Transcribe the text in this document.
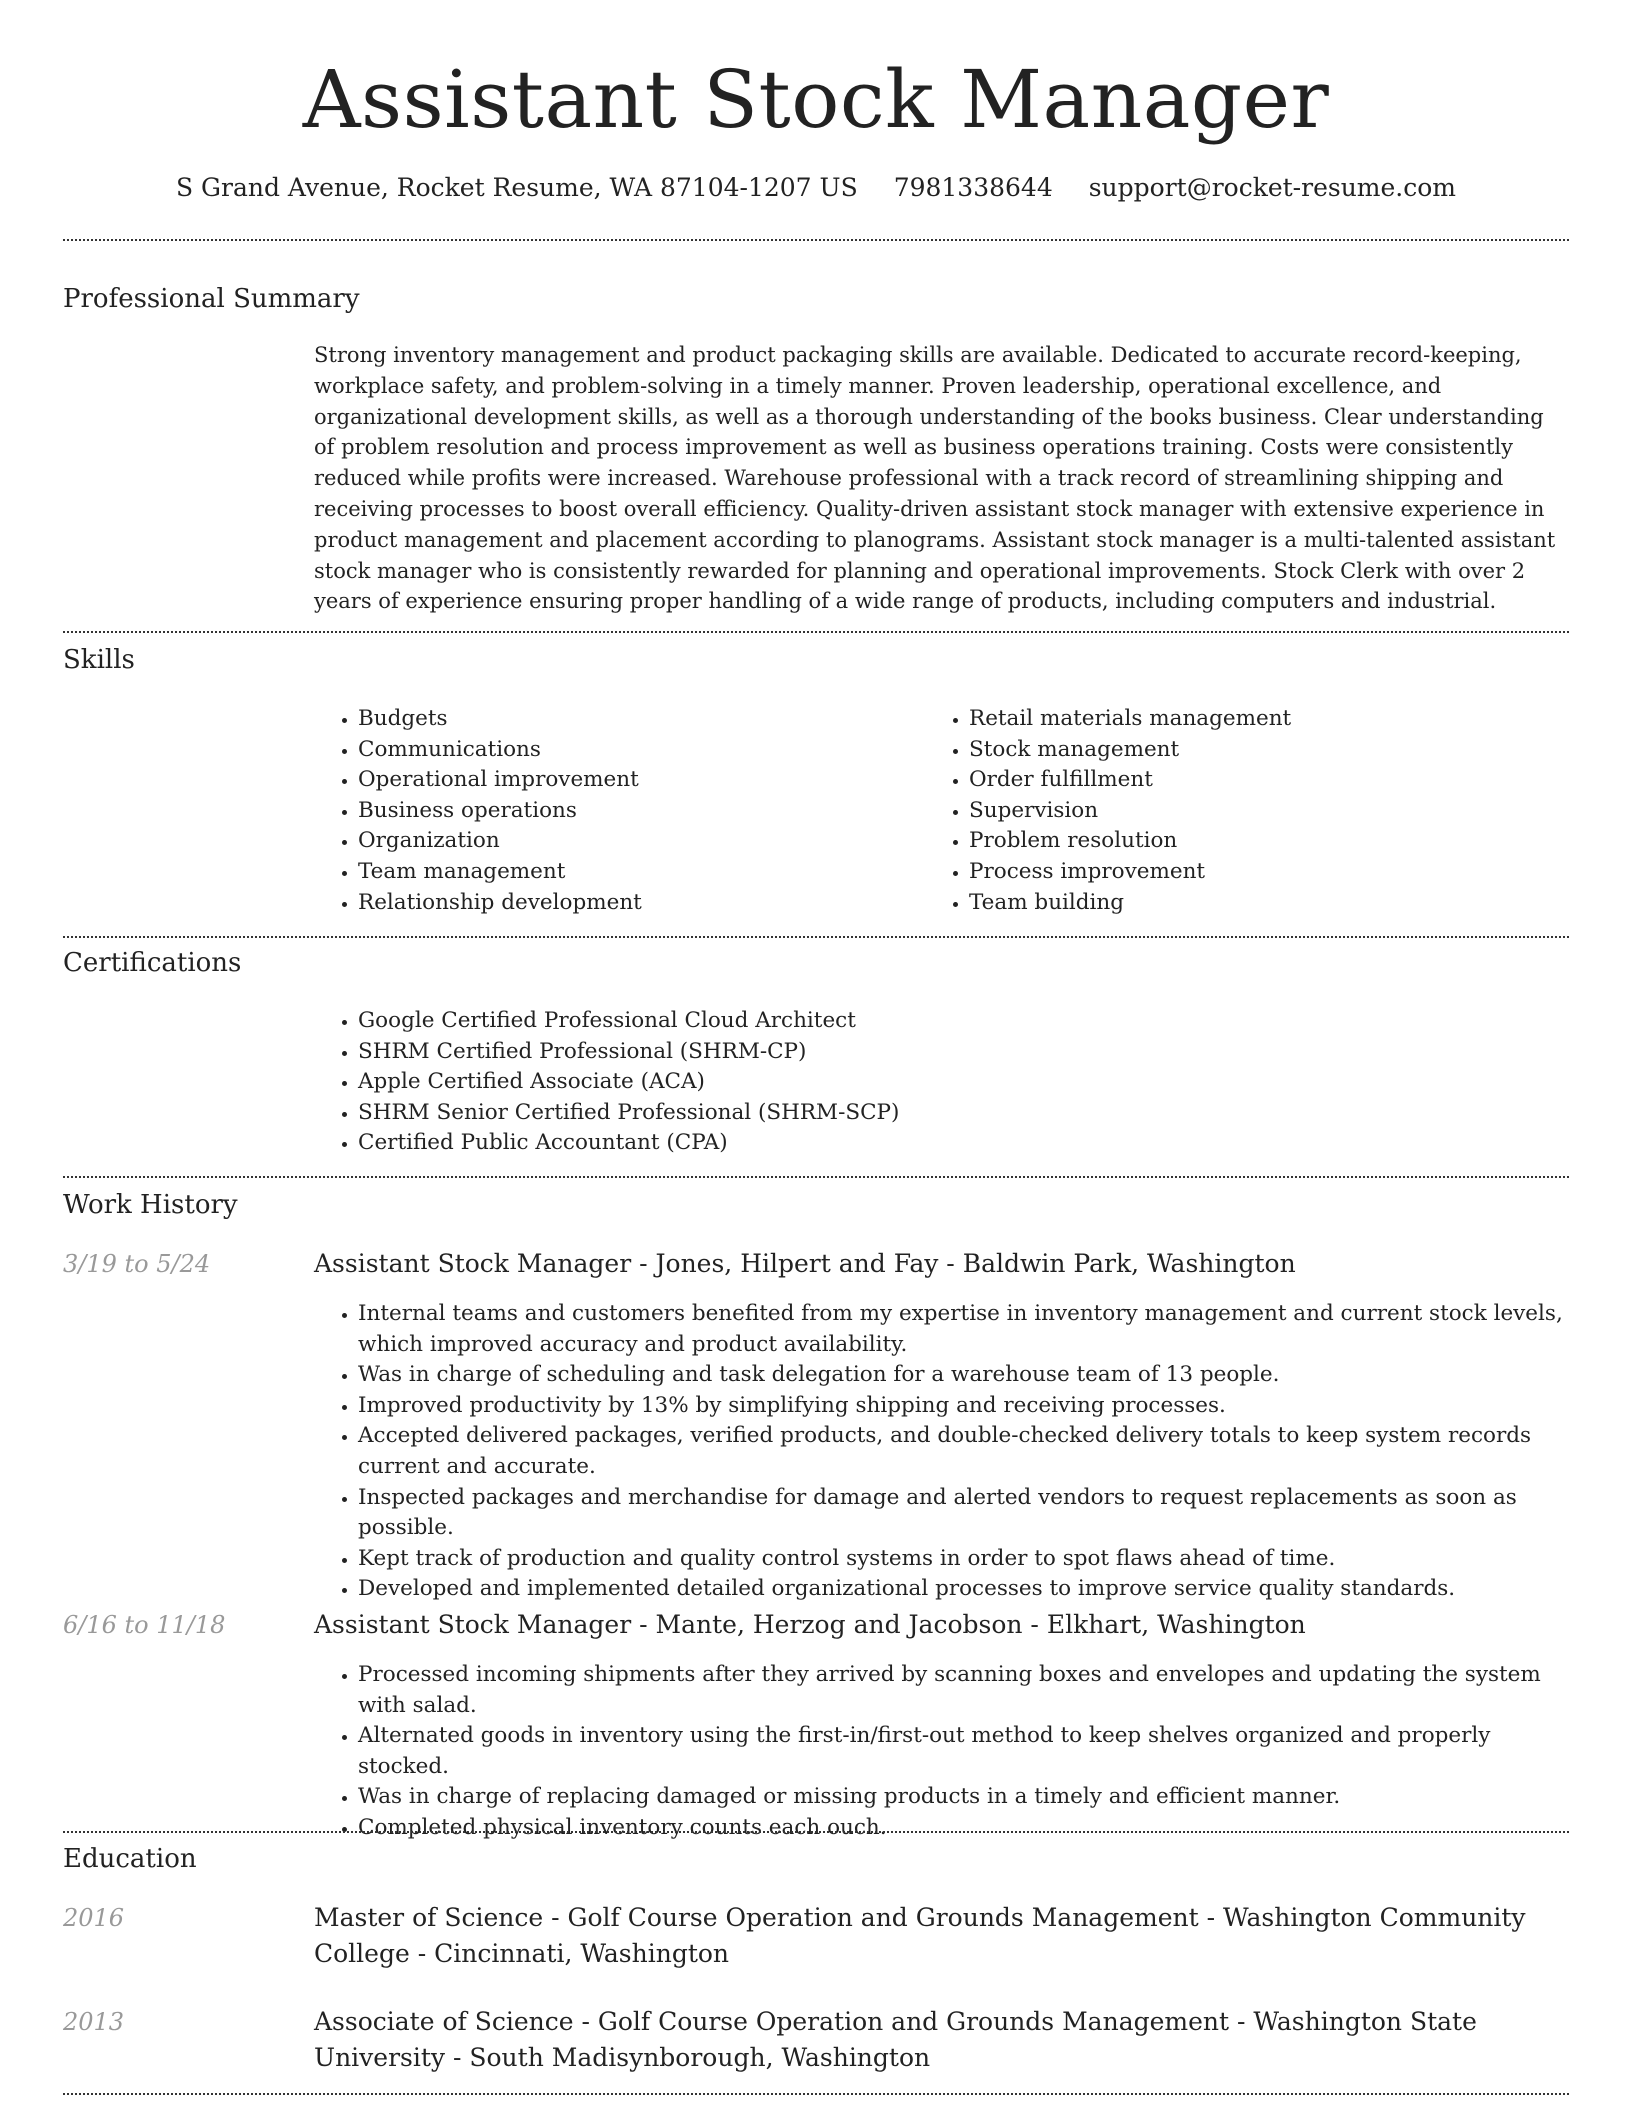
Assistant Stock Manager
S Grand Avenue, Rocket Resume, WA 87104-1207 US 7981338644 support@rocket-resume.com
Professional Summary
Strong inventory management and product packaging skills are available. Dedicated to accurate record-keeping, workplace safety, and problem-solving in a timely manner. Proven leadership, operational excellence, and organizational development skills, as well as a thorough understanding of the books business. Clear understanding of problem resolution and process improvement as well as business operations training. Costs were consistently reduced while profits were increased. Warehouse professional with a track record of streamlining shipping and receiving processes to boost overall efficiency. Quality-driven assistant stock manager with extensive experience in product management and placement according to planograms. Assistant stock manager is a multi-talented assistant stock manager who is consistently rewarded for planning and operational improvements. Stock Clerk with over 2 years of experience ensuring proper handling of a wide range of products, including computers and industrial.
Skills
• Budgets
• Communications
• Operational improvement
• Business operations
• Organization
• Team management
• Relationship development
• Retail materials management
• Stock management
• Order fulfillment
• Supervision
• Problem resolution
• Process improvement
• Team building
Certifications
• Google Certified Professional Cloud Architect
• SHRM Certified Professional (SHRM-CP)
• Apple Certified Associate (ACA)
• SHRM Senior Certified Professional (SHRM-SCP)
• Certified Public Accountant (CPA)
Work History
3/19 to 5/24	Assistant Stock Manager - Jones, Hilpert and Fay - Baldwin Park, Washington
• Internal teams and customers benefited from my expertise in inventory management and current stock levels, which improved accuracy and product availability.
• Was in charge of scheduling and task delegation for a warehouse team of 13 people.
• Improved productivity by 13% by simplifying shipping and receiving processes.
• Accepted delivered packages, verified products, and double-checked delivery totals to keep system records current and accurate.
• Inspected packages and merchandise for damage and alerted vendors to request replacements as soon as possible.
• Kept track of production and quality control systems in order to spot flaws ahead of time.
• Developed and implemented detailed organizational processes to improve service quality standards.
6/16 to 11/18	Assistant Stock Manager - Mante, Herzog and Jacobson - Elkhart, Washington
• Processed incoming shipments after they arrived by scanning boxes and envelopes and updating the system with salad.
• Alternated goods in inventory using the first-in/first-out method to keep shelves organized and properly stocked.
• Was in charge of replacing damaged or missing products in a timely and efficient manner.
• Completed physical inventory counts each ouch.
Education
2016	Master of Science - Golf Course Operation and Grounds Management - Washington Community College - Cincinnati, Washington
2013	Associate of Science - Golf Course Operation and Grounds Management - Washington State University - South Madisynborough, Washington
